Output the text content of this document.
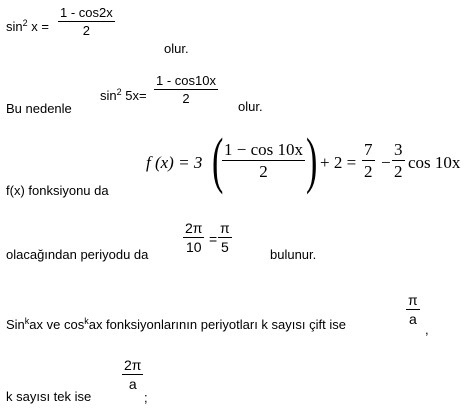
$\sin^2 x = \frac{1 - \cos 2x}{2}$
olur.
Bu nedenle
$\sin^2 5x= \frac{1 - \cos 10x}{2}$
olur.
f (x) = 3 (
$\frac{1 - \cos 10x}{2}$ ) + $2 = \frac{7}{2} - \frac{3}{2}$ cos 10x
f(x) fonksiyonu da
olacağından periyodu da
$\frac{2\pi}{10} = \frac{\pi}{5}$
bulunur.
Sin$^k$ax ve $\cos^kax$ fonksiyonlarının periyotları k sayısı çift ise	$\frac{\pi}{a}$
,
k sayısı tek ise
$\frac{2\pi}{a}$
;
